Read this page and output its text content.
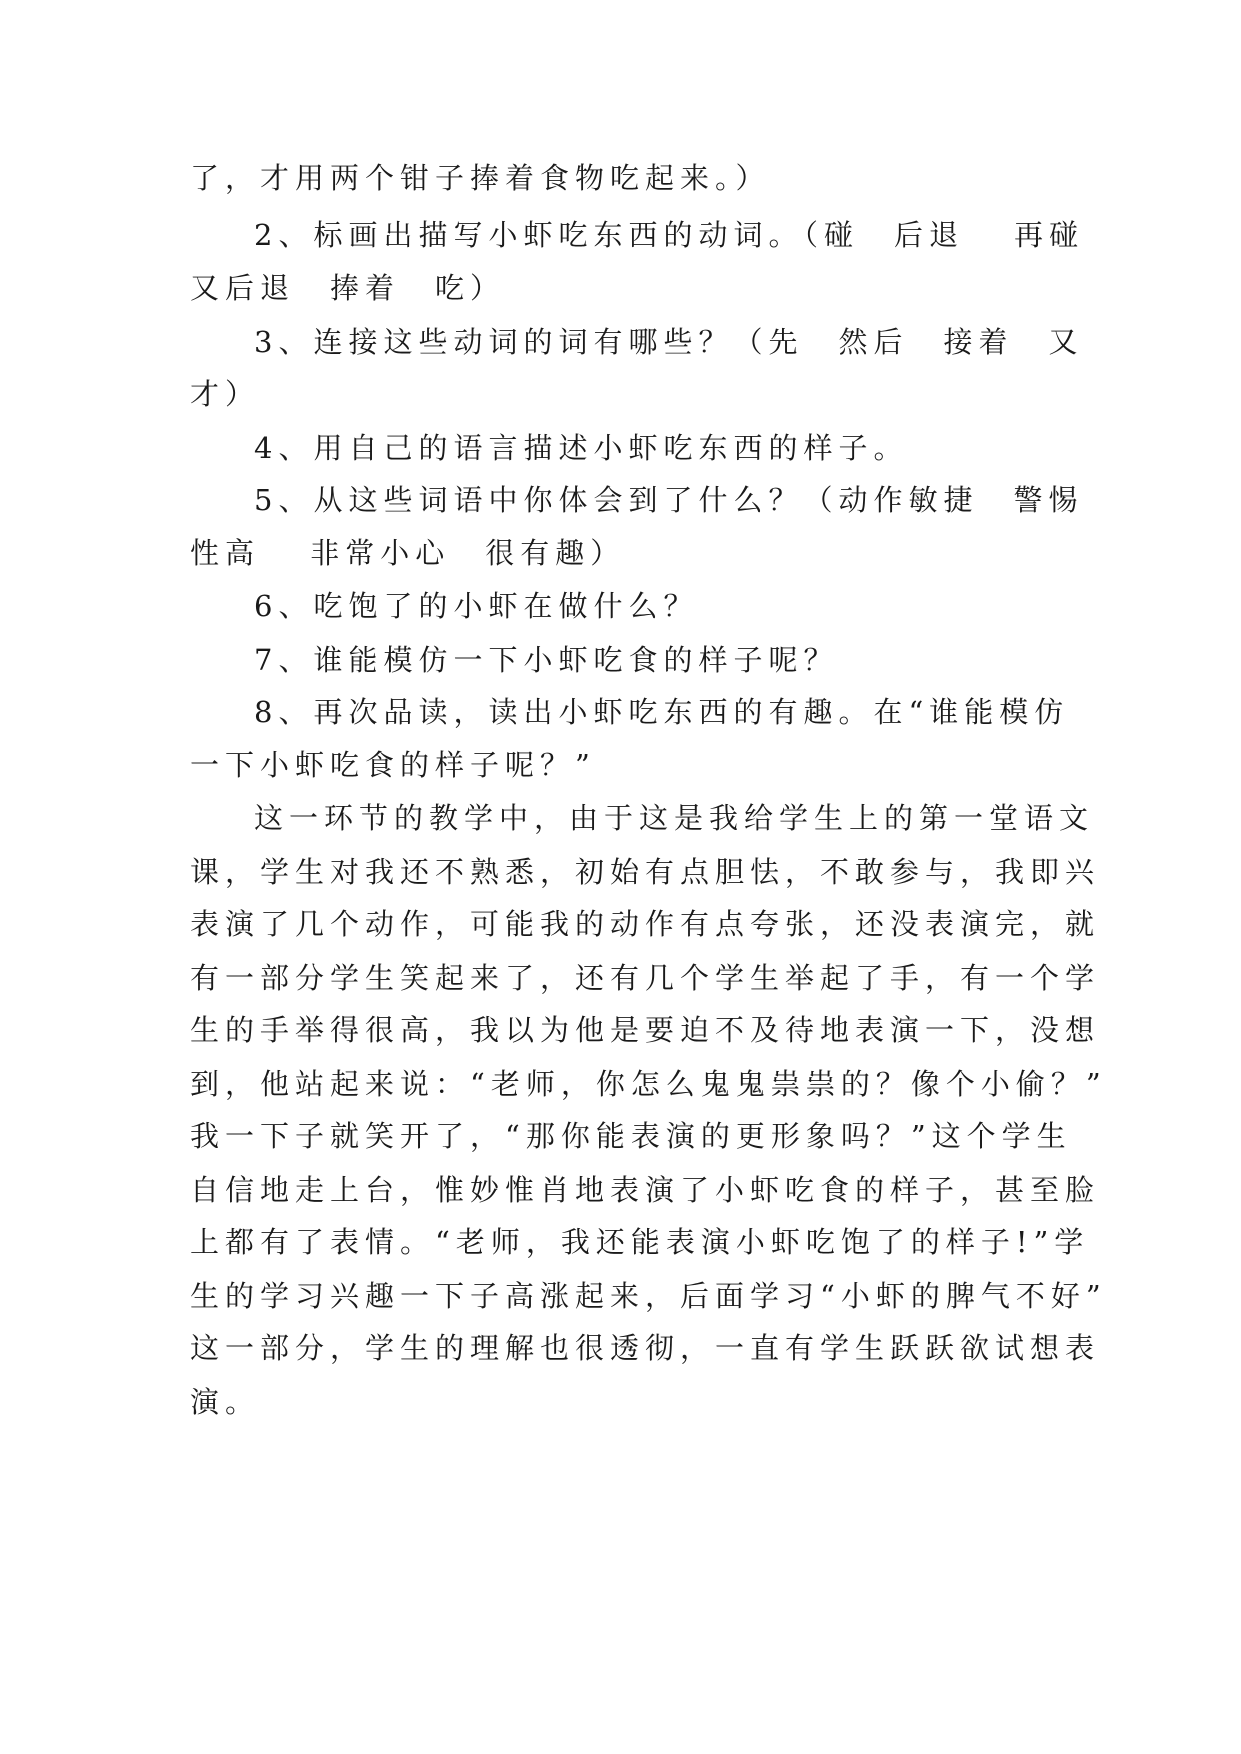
了，才用两个钳子捧着食物吃起来。）
2、标画出描写小虾吃东西的动词。（碰　后退　 再碰
又后退　捧着　吃）
3、连接这些动词的词有哪些？（先　然后　接着　又
才）
4、用自己的语言描述小虾吃东西的样子。
5、从这些词语中你体会到了什么？（动作敏捷　警惕
性高　 非常小心　很有趣）
6、吃饱了的小虾在做什么？
7、谁能模仿一下小虾吃食的样子呢？
8、再次品读，读出小虾吃东西的有趣。在“谁能模仿
一下小虾吃食的样子呢？”
这一环节的教学中，由于这是我给学生上的第一堂语文
课，学生对我还不熟悉，初始有点胆怯，不敢参与，我即兴
表演了几个动作，可能我的动作有点夸张，还没表演完，就
有一部分学生笑起来了，还有几个学生举起了手，有一个学
生的手举得很高，我以为他是要迫不及待地表演一下，没想
到，他站起来说：“老师，你怎么鬼鬼祟祟的？像个小偷？”
我一下子就笑开了，“那你能表演的更形象吗？”这个学生
自信地走上台，惟妙惟肖地表演了小虾吃食的样子，甚至脸
上都有了表情。“老师，我还能表演小虾吃饱了的样子!”学
生的学习兴趣一下子高涨起来，后面学习“小虾的脾气不好”
这一部分，学生的理解也很透彻，一直有学生跃跃欲试想表
演。
